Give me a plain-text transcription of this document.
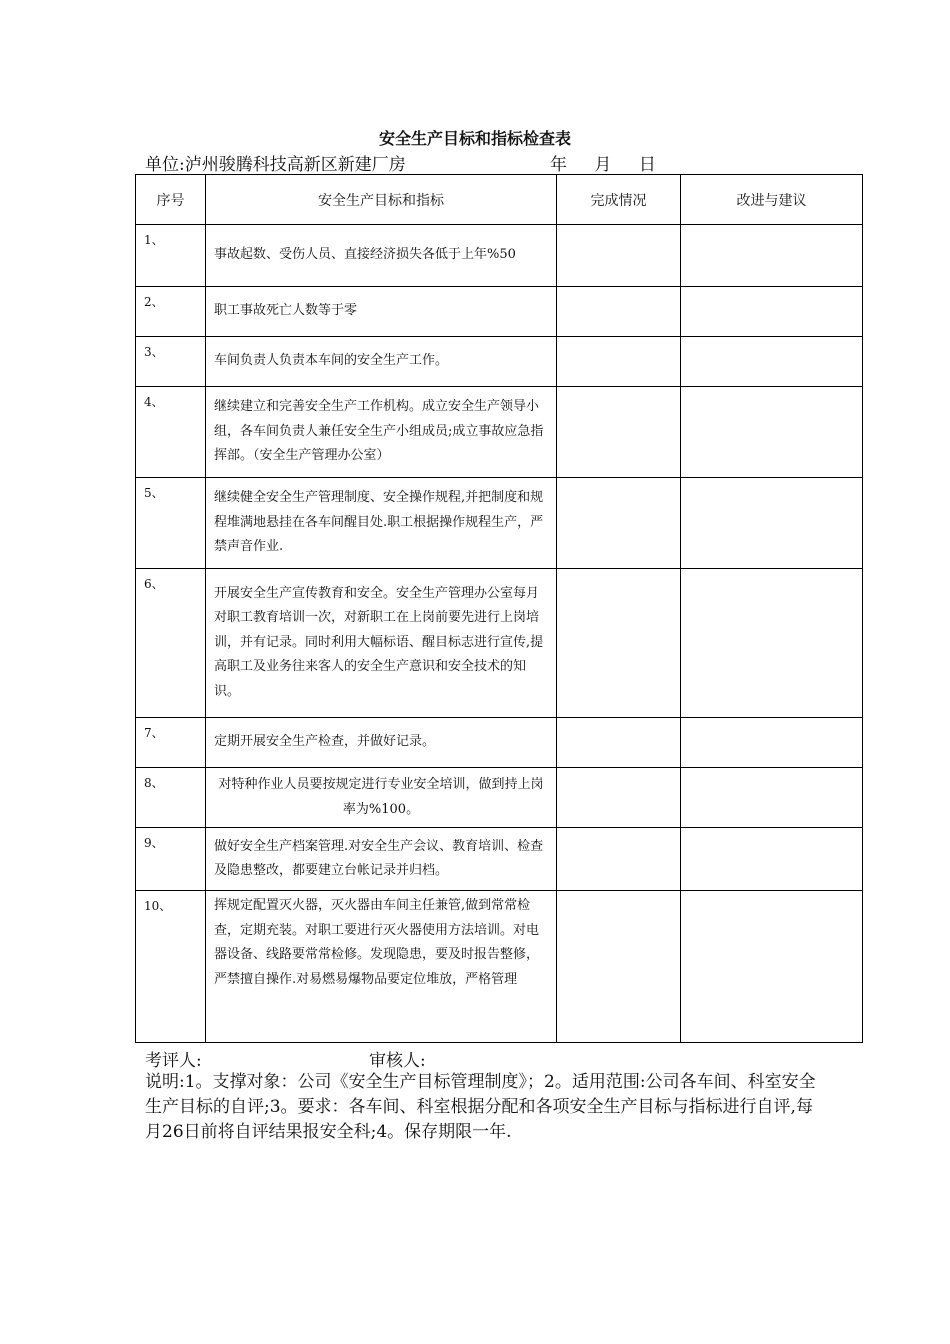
安全生产目标和指标检查表
单位:泸州骏腾科技高新区新建厂房	年 月 日
序号	安全生产目标和指标	完成情况	改进与建议
1、	事故起数、受伤人员、直接经济损失各低于上年%50		

2、	职工事故死亡人数等于零		

3、	车间负责人负责本车间的安全生产工作。		

4、	继续建立和完善安全生产工作机构。成立安全生产领导小组，各车间负责人兼任安全生产小组成员;成立事故应急指挥部。（安全生产管理办公室）		

5、	继续健全安全生产管理制度、安全操作规程,并把制度和规程堆满地悬挂在各车间醒目处.职工根据操作规程生产，严禁声音作业.		

6、	开展安全生产宣传教育和安全。安全生产管理办公室每月对职工教育培训一次，对新职工在上岗前要先进行上岗培训，并有记录。同时利用大幅标语、醒目标志进行宣传,提高职工及业务往来客人的安全生产意识和安全技术的知识。		

7、	定期开展安全生产检查，并做好记录。		

8、	对特种作业人员要按规定进行专业安全培训，做到持上岗率为%100。		

9、	做好安全生产档案管理.对安全生产会议、教育培训、检查及隐患整改，都要建立台帐记录并归档。		

10、	挥规定配置灭火器，灭火器由车间主任兼管,做到常常检查，定期充装。对职工要进行灭火器使用方法培训。对电器设备、线路要常常检修。发现隐患，要及时报告整修，严禁擅自操作.对易燃易爆物品要定位堆放，严格管理		

考评人:	审核人:
说明:1。支撑对象：公司《安全生产目标管理制度》；2。适用范围:公司各车间、科室安全生产目标的自评;3。要求：各车间、科室根据分配和各项安全生产目标与指标进行自评,每月26日前将自评结果报安全科;4。保存期限一年.
